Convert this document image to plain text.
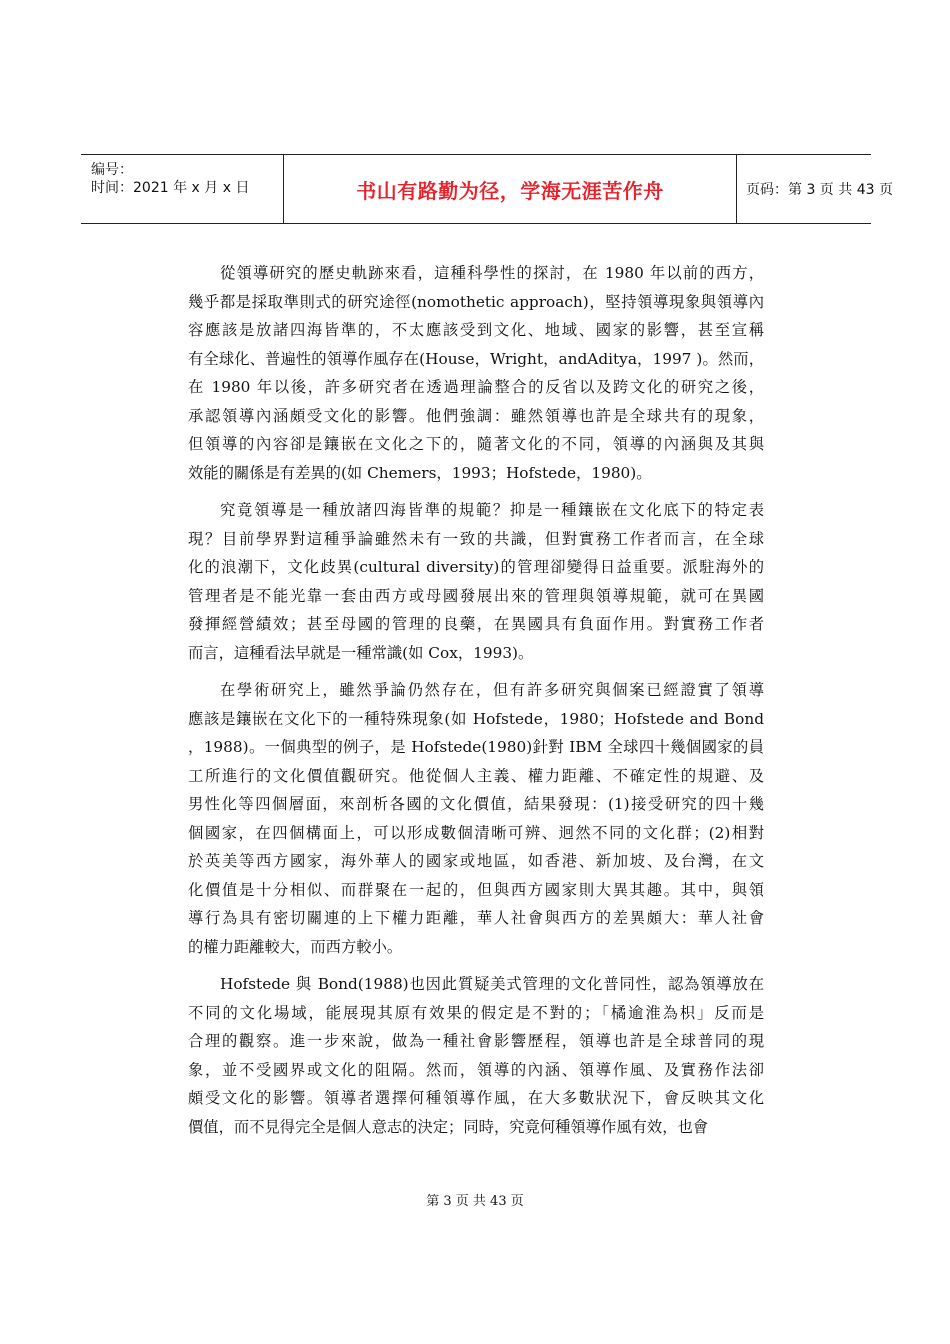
编号：
时间：2021 年 x 月 x 日	书山有路勤为径，学海无涯苦作舟	页码：第 3 页 共 43 页
從領導研究的歷史軌跡來看，這種科學性的探討，在 1980 年以前的西方，
幾乎都是採取準則式的研究途徑(nomothetic approach)，堅持領導現象與領導內
容應該是放諸四海皆準的，不太應該受到文化、地域、國家的影響，甚至宣稱
有全球化、普遍性的領導作風存在(House，Wright，andAditya，1997 )。然而，
在 1980 年以後，許多研究者在透過理論整合的反省以及跨文化的研究之後，
承認領導內涵頗受文化的影響。他們強調：雖然領導也許是全球共有的現象，
但領導的內容卻是鑲嵌在文化之下的，隨著文化的不同，領導的內涵與及其與
效能的關係是有差異的(如 Chemers，1993；Hofstede，1980)。
究竟領導是一種放諸四海皆準的規範？抑是一種鑲嵌在文化底下的特定表
現？目前學界對這種爭論雖然未有一致的共識，但對實務工作者而言，在全球
化的浪潮下，文化歧異(cultural diversity)的管理卻變得日益重要。派駐海外的
管理者是不能光靠一套由西方或母國發展出來的管理與領導規範，就可在異國
發揮經營績效；甚至母國的管理的良藥，在異國具有負面作用。對實務工作者
而言，這種看法早就是一種常識(如 Cox，1993)。
在學術研究上，雖然爭論仍然存在，但有許多研究與個案已經證實了領導
應該是鑲嵌在文化下的一種特殊現象(如 Hofstede，1980；Hofstede and Bond
，1988)。一個典型的例子，是 Hofstede(1980)針對 IBM 全球四十幾個國家的員
工所進行的文化價值觀研究。他從個人主義、權力距離、不確定性的規避、及
男性化等四個層面，來剖析各國的文化價值，結果發現：(1)接受研究的四十幾
個國家，在四個構面上，可以形成數個清晰可辨、迥然不同的文化群；(2)相對
於英美等西方國家，海外華人的國家或地區，如香港、新加坡、及台灣，在文
化價值是十分相似、而群聚在一起的，但與西方國家則大異其趣。其中，與領
導行為具有密切關連的上下權力距離，華人社會與西方的差異頗大：華人社會
的權力距離較大，而西方較小。
Hofstede 與 Bond(1988)也因此質疑美式管理的文化普同性，認為領導放在
不同的文化場域，能展現其原有效果的假定是不對的；「橘逾淮為枳」反而是
合理的觀察。進一步來說，做為一種社會影響歷程，領導也許是全球普同的現
象，並不受國界或文化的阻隔。然而，領導的內涵、領導作風、及實務作法卻
頗受文化的影響。領導者選擇何種領導作風，在大多數狀況下，會反映其文化
價值，而不見得完全是個人意志的決定；同時，究竟何種領導作風有效，也會
第 3 页 共 43 页
